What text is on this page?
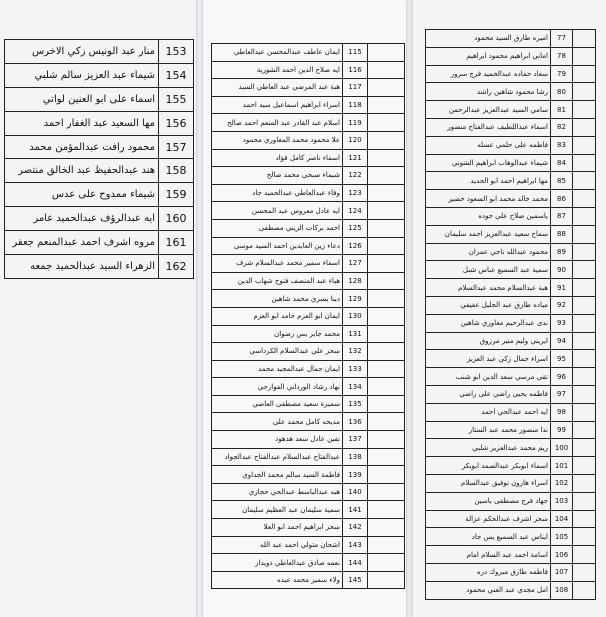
منار عبد الونيس زكي الاخرس	153
شيماء عبد العزيز سالم شلبي	154
اسماء على ابو العنين لواتي	155
مها السعيد عبد الغفار احمد	156
محمود رافت عبدالمؤمن محمد	157
هند عبدالحفيظ عبد الخالق منتصر	158
شيماء ممدوح على عدس	159
ايه عبدالرؤف عبدالحميد عامر	160
مروه اشرف احمد عبدالمنعم جعفر	161
الزهراء السيد عبدالحميد جمعه	162
ايمان عاطف عبدالمحسن عبدالعاطي	115	
ايه صلاح الدين احمد الشورية	116	
هبة عبد المرضي عبد العاطي السيد	117	
اسراء ابراهيم اسماعيل سيد احمد	118	
اسلام عبد القادر عبد المنعم احمد صالح	119	
علا محمود محمد المغاوري محمود	120	
اسماء ناصر كامل فؤاد	121	
شيماء صبحي محمد صالح	122	
وفاء عبدالعاطي عبدالحميد جاد	123	
ايه عادل معروس عبد المحسن	124	
احمد بركات الزيني مصطفى	125	
دعاء زين العابدين احمد السيد موسى	126	
اسماء سمير محمد عبدالسلام شرف	127	
هباء عبد المنصف فتوح شهاب الدين	128	
دينا يسري محمد شاهين	129	
ايمان ابو العزم حامد ابو العزم	130	
محمد جابر بس رضوان	131	
سحر علي عبدالسلام الكرداسي	132	
ايمان جمال عبدالمجيد محمد	133	
نهاد رشاد الورداني الفوارجي	134	
سميرة سعيد مصطفى العاصي	135	
مديحه كامل محمد على	136	
نفين عادل سعد هدهود	137	
عبدالفتاح عبدالسلام عبدالفتاح عبدالجواد	138	
فاطمة السيد سالم محمد الجداوي	139	
هبه عبدالباسط عبدالحي حجازي	140	
سمية سليمان عبد العظيم سليمان	141	
سحر ابراهيم احمد ابو العلا	142	
اشجان متولي احمد عبد الله	143	
نعمه صادق عبدالعاطي دويدار	144	
ولاء سمير محمد عبده	145	
اميره طارق السيد محمود	77	
اماني ابراهيم محمود ابراهيم	78	
سعاد حماده عبدالحميد فرج سرور	79	
رشا محمود شاهين راشد	80	
سامي السيد عبدالعزيز عبدالرحمن	81	
اسماء عبداللطيف عبدالفتاح منصور	82	
فاطمه على حلمي عسله	83	
شيماء عبدالوهاب ابراهيم الشوني	84	
مها ابراهيم احمد ابو الحديد	85	
محمد خالد محمد ابو السعود خضير	86	
ياسمين صلاح علي جوده	87	
سماح سعيد عبدالعزيز احمد سليمان	88	
محمود عبدالله ناجي عمران	89	
سمية عبد السميع عباس شبل	90	
هبة عبدالسلام محمد عبدالسلام	91	
مياده طارق عبد الجليل عفيفي	92	
ندى عبدالرحيم مغاوري شاهين	93	
ايريني وليم منير مرزوق	94	
اسراء جمال زكي عبد العزيز	95	
تقى مرسي سعد الدين ابو شنب	96	
فاطمه يحيى راضي على راضي	97	
ايه احمد عبدالحي احمد	98	
ندا منصور محمد عبد الستار	99	
ريم محمد عبدالعزيز شلبي	100	
اسماء ابوبكر عبدالصمد ابوبكر	101	
اسراء هارون توفيق عبدالسلام	102	
جهاد فرج مصطفى ياسين	103	
سحر اشرف عبدالحكم عزالة	104	
ايناس عبد السميع يس جاد	105	
اسامة احمد عبد السلام امام	106	
فاطمه طارق مبروك دره	107	
امل مجدي عبد الغني محمود	108	
